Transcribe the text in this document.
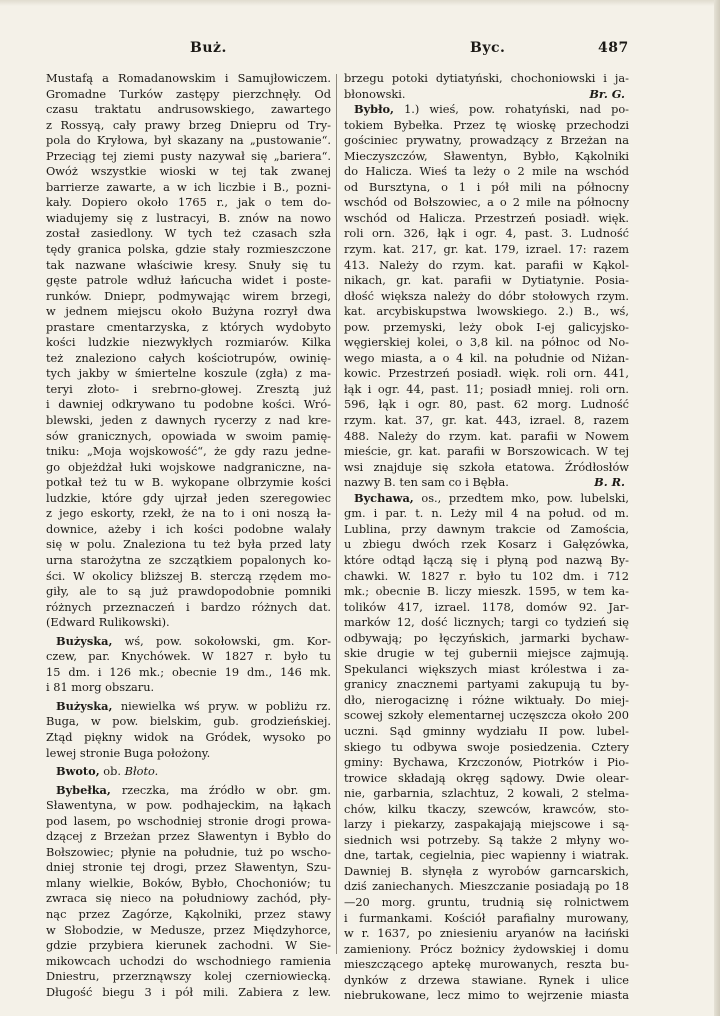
Buż.	Byc.	487
Mustafą a Romadanowskim i Samujłowiczem.
Gromadne Turków zastępy pierzchnęły. Od
czasu traktatu andrusowskiego, zawartego
z Rossyą, cały prawy brzeg Dniepru od Try-
pola do Kryłowa, był skazany na „pustowanie“.
Przeciąg tej ziemi pusty nazywał się „bariera“.
Owóż wszystkie wioski w tej tak zwanej
barrierze zawarte, a w ich liczbie i B., pozni-
kały. Dopiero około 1765 r., jak o tem do-
wiadujemy się z lustracyi, B. znów na nowo
został zasiedlony. W tych też czasach szła
tędy granica polska, gdzie stały rozmieszczone
tak nazwane właściwie kresy. Snuły się tu
gęste patrole wdłuż łańcucha widet i poste-
runków. Dniepr, podmywając wirem brzegi,
w jednem miejscu około Bużyna rozrył dwa
prastare cmentarzyska, z których wydobyto
kości ludzkie niezwykłych rozmiarów. Kilka
też znaleziono całych kościotrupów, owinię-
tych jakby w śmiertelne koszule (zgła) z ma-
teryi złoto- i srebrno-głowej. Zresztą już
i dawniej odkrywano tu podobne kości. Wró-
blewski, jeden z dawnych rycerzy z nad kre-
sów granicznych, opowiada w swoim pamię-
tniku: „Moja wojskowość“, że gdy razu jedne-
go objeżdżał łuki wojskowe nadgraniczne, na-
potkał też tu w B. wykopane olbrzymie kości
ludzkie, które gdy ujrzał jeden szeregowiec
z jego eskorty, rzekł, że na to i oni noszą ła-
downice, ażeby i ich kości podobne walały
się w polu. Znaleziona tu też była przed laty
urna starożytna ze szczątkiem popalonych ko-
ści. W okolicy bliższej B. sterczą rzędem mo-
giły, ale to są już prawdopodobnie pomniki
różnych przeznaczeń i bardzo różnych dat.
(Edward Rulikowski).
Bużyska, wś, pow. sokołowski, gm. Kor-
czew, par. Knychówek. W 1827 r. było tu
15 dm. i 126 mk.; obecnie 19 dm., 146 mk.
i 81 morg obszaru.
Bużyska, niewielka wś pryw. w pobliżu rz.
Buga, w pow. bielskim, gub. grodzieńskiej.
Ztąd piękny widok na Gródek, wysoko po
lewej stronie Buga położony.
Bwoto, ob. Błoto.
Bybełka, rzeczka, ma źródło w obr. gm.
Sławentyna, w pow. podhajeckim, na łąkach
pod lasem, po wschodniej stronie drogi prowa-
dzącej z Brzeżan przez Sławentyn i Bybło do
Bołszowiec; płynie na południe, tuż po wscho-
dniej stronie tej drogi, przez Sławentyn, Szu-
mlany wielkie, Boków, Bybło, Chochoniów; tu
zwraca się nieco na południowy zachód, pły-
nąc przez Zagórze, Kąkolniki, przez stawy
w Słobodzie, w Medusze, przez Międzyhorce,
gdzie przybiera kierunek zachodni. W Sie-
mikowcach uchodzi do wschodniego ramienia
Dniestru, przerznąwszy kolej czerniowiecką.
Długość biegu 3 i pół mili. Zabiera z lew.
brzegu potoki dytiatyński, chochoniowski i ja-
błonowski.	Br. G.
Bybło, 1.) wieś, pow. rohatyński, nad po-
tokiem Bybełka. Przez tę wioskę przechodzi
gościniec prywatny, prowadzący z Brzeżan na
Mieczyszczów, Sławentyn, Bybło, Kąkolniki
do Halicza. Wieś ta leży o 2 mile na wschód
od Bursztyna, o 1 i pół mili na północny
wschód od Bołszowiec, a o 2 mile na północny
wschód od Halicza. Przestrzeń posiadł. więk.
roli orn. 326, łąk i ogr. 4, past. 3. Ludność
rzym. kat. 217, gr. kat. 179, izrael. 17: razem
413. Należy do rzym. kat. parafii w Kąkol-
nikach, gr. kat. parafii w Dytiatynie. Posia-
dłość większa należy do dóbr stołowych rzym.
kat. arcybiskupstwa lwowskiego. 2.) B., wś,
pow. przemyski, leży obok I-ej galicyjsko-
węgierskiej kolei, o 3,8 kil. na północ od No-
wego miasta, a o 4 kil. na południe od Niżan-
kowic. Przestrzeń posiadł. więk. roli orn. 441,
łąk i ogr. 44, past. 11; posiadł mniej. roli orn.
596, łąk i ogr. 80, past. 62 morg. Ludność
rzym. kat. 37, gr. kat. 443, izrael. 8, razem
488. Należy do rzym. kat. parafii w Nowem
mieście, gr. kat. parafii w Borszowicach. W tej
wsi znajduje się szkoła etatowa. Źródłosłów
nazwy B. ten sam co i Bębła.	B. R.
Bychawa, os., przedtem mko, pow. lubelski,
gm. i par. t. n. Leży mil 4 na połud. od m.
Lublina, przy dawnym trakcie od Zamościa,
u zbiegu dwóch rzek Kosarz i Gałęzówka,
które odtąd łączą się i płyną pod nazwą By-
chawki. W. 1827 r. było tu 102 dm. i 712
mk.; obecnie B. liczy mieszk. 1595, w tem ka-
tolików 417, izrael. 1178, domów 92. Jar-
marków 12, dość licznych; targi co tydzień się
odbywają; po łęczyńskich, jarmarki bychaw-
skie drugie w tej gubernii miejsce zajmują.
Spekulanci większych miast królestwa i za-
granicy znacznemi partyami zakupują tu by-
dło, nierogaciznę i różne wiktuały. Do miej-
scowej szkoły elementarnej uczęszcza około 200
uczni. Sąd gminny wydziału II pow. lubel-
skiego tu odbywa swoje posiedzenia. Cztery
gminy: Bychawa, Krzczonów, Piotrków i Pio-
trowice składają okręg sądowy. Dwie olear-
nie, garbarnia, szlachtuz, 2 kowali, 2 stelma-
chów, kilku tkaczy, szewców, krawców, sto-
larzy i piekarzy, zaspakajają miejscowe i są-
siednich wsi potrzeby. Są także 2 młyny wo-
dne, tartak, cegielnia, piec wapienny i wiatrak.
Dawniej B. słynęła z wyrobów garncarskich,
dziś zaniechanych. Mieszczanie posiadają po 18
—20 morg. gruntu, trudnią się rolnictwem
i furmankami. Kościół parafialny murowany,
w r. 1637, po zniesieniu aryanów na łaciński
zamieniony. Prócz bożnicy żydowskiej i domu
mieszczącego aptekę murowanych, reszta bu-
dynków z drzewa stawiane. Rynek i ulice
niebrukowane, lecz mimo to wejrzenie miasta
